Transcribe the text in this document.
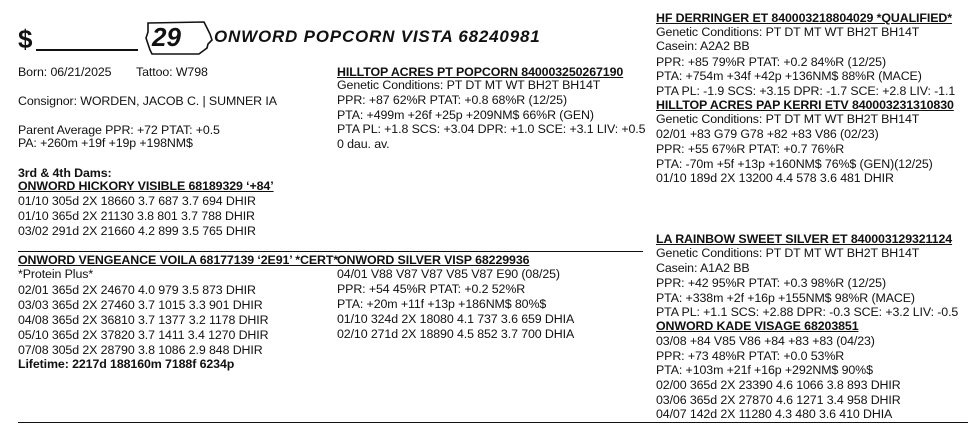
$	29 ONWORD POPCORN VISTA 68240981
Born: 06/21/2025 Tattoo: W798
Consignor: WORDEN, JACOB C. | SUMNER IA
Parent Average PPR: +72 PTAT: +0.5
PA: +260m +19f +19p +198NM$
3rd & 4th Dams:
ONWORD HICKORY VISIBLE 68189329 ‘+84’
01/10 305d 2X 18660 3.7 687 3.7 694 DHIR
01/10 365d 2X 21130 3.8 801 3.7 788 DHIR
03/02 291d 2X 21660 4.2 899 3.5 765 DHIR
ONWORD VENGEANCE VOILA 68177139 ‘2E91’ *CERT*
*Protein Plus*
02/01 365d 2X 24670 4.0 979 3.5 873 DHIR
03/03 365d 2X 27460 3.7 1015 3.3 901 DHIR
04/08 365d 2X 36810 3.7 1377 3.2 1178 DHIR
05/10 365d 2X 37820 3.7 1411 3.4 1270 DHIR
07/08 305d 2X 28790 3.8 1086 2.9 848 DHIR
Lifetime: 2217d 188160m 7188f 6234p
HILLTOP ACRES PT POPCORN 840003250267190
Genetic Conditions: PT DT MT WT BH2T BH14T
PPR: +87 62%R PTAT: +0.8 68%R (12/25)
PTA: +499m +26f +25p +209NM$ 66%R (GEN)
PTA PL: +1.8 SCS: +3.04 DPR: +1.0 SCE: +3.1 LIV: +0.5
0 dau. av.
ONWORD SILVER VISP 68229936
04/01 V88 V87 V87 V85 V87 E90 (08/25)
PPR: +54 45%R PTAT: +0.2 52%R
PTA: +20m +11f +13p +186NM$ 80%$
01/10 324d 2X 18080 4.1 737 3.6 659 DHIA
02/10 271d 2X 18890 4.5 852 3.7 700 DHIA
HF DERRINGER ET 840003218804029 *QUALIFIED*
Genetic Conditions: PT DT MT WT BH2T BH14T
Casein: A2A2 BB
PPR: +85 79%R PTAT: +0.2 84%R (12/25)
PTA: +754m +34f +42p +136NM$ 88%R (MACE)
PTA PL: -1.9 SCS: +3.15 DPR: -1.7 SCE: +2.8 LIV: -1.1
HILLTOP ACRES PAP KERRI ETV 840003231310830
Genetic Conditions: PT DT MT WT BH2T BH14T
02/01 +83 G79 G78 +82 +83 V86 (02/23)
PPR: +55 67%R PTAT: +0.7 76%R
PTA: -70m +5f +13p +160NM$ 76%$ (GEN)(12/25)
01/10 189d 2X 13200 4.4 578 3.6 481 DHIR
LA RAINBOW SWEET SILVER ET 840003129321124
Genetic Conditions: PT DT MT WT BH2T BH14T
Casein: A1A2 BB
PPR: +42 95%R PTAT: +0.3 98%R (12/25)
PTA: +338m +2f +16p +155NM$ 98%R (MACE)
PTA PL: +1.1 SCS: +2.88 DPR: -0.3 SCE: +3.2 LIV: -0.5
ONWORD KADE VISAGE 68203851
03/08 +84 V85 V86 +84 +83 +83 (04/23)
PPR: +73 48%R PTAT: +0.0 53%R
PTA: +103m +21f +16p +292NM$ 90%$
02/00 365d 2X 23390 4.6 1066 3.8 893 DHIR
03/06 365d 2X 27870 4.6 1271 3.4 958 DHIR
04/07 142d 2X 11280 4.3 480 3.6 410 DHIA
